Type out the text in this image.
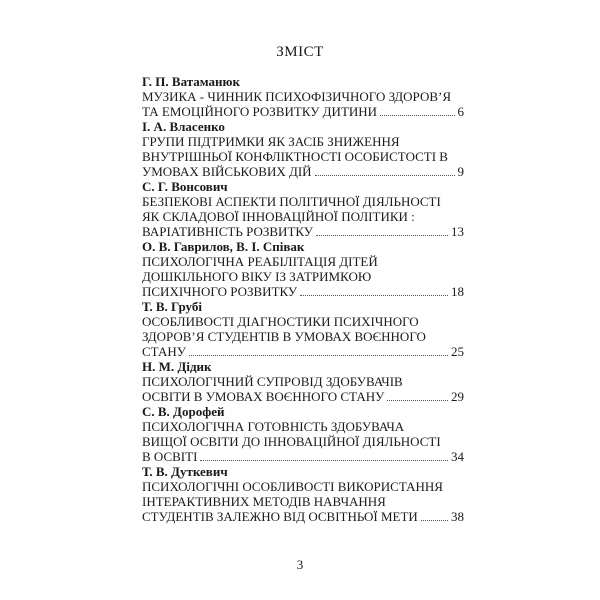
ЗМІСТ
Г. П. Ватаманюк
МУЗИКА - ЧИННИК ПСИХОФІЗИЧНОГО ЗДОРОВ’Я
ТА ЕМОЦІЙНОГО РОЗВИТКУ ДИТИНИ	6
І. А. Власенко
ГРУПИ ПІДТРИМКИ ЯК ЗАСІБ ЗНИЖЕННЯ
ВНУТРІШНЬОЇ КОНФЛІКТНОСТІ ОСОБИСТОСТІ В
УМОВАХ ВІЙСЬКОВИХ ДІЙ	9
С. Г. Вонсович
БЕЗПЕКОВІ АСПЕКТИ ПОЛІТИЧНОЇ ДІЯЛЬНОСТІ
ЯК СКЛАДОВОЇ ІННОВАЦІЙНОЇ ПОЛІТИКИ :
ВАРІАТИВНІСТЬ РОЗВИТКУ	13
О. В. Гаврилов, В. І. Співак
ПСИХОЛОГІЧНА РЕАБІЛІТАЦІЯ ДІТЕЙ
ДОШКІЛЬНОГО ВІКУ ІЗ ЗАТРИМКОЮ
ПСИХІЧНОГО РОЗВИТКУ	18
Т. В. Грубі
ОСОБЛИВОСТІ ДІАГНОСТИКИ ПСИХІЧНОГО
ЗДОРОВ’Я СТУДЕНТІВ В УМОВАХ ВОЄННОГО
СТАНУ	25
Н. М. Дідик
ПСИХОЛОГІЧНИЙ СУПРОВІД ЗДОБУВАЧІВ
ОСВІТИ В УМОВАХ ВОЄННОГО СТАНУ	29
С. В. Дорофей
ПСИХОЛОГІЧНА ГОТОВНІСТЬ ЗДОБУВАЧА
ВИЩОЇ ОСВІТИ ДО ІННОВАЦІЙНОЇ ДІЯЛЬНОСТІ
В ОСВІТІ	34
Т. В. Дуткевич
ПСИХОЛОГІЧНІ ОСОБЛИВОСТІ ВИКОРИСТАННЯ
ІНТЕРАКТИВНИХ МЕТОДІВ НАВЧАННЯ
СТУДЕНТІВ ЗАЛЕЖНО ВІД ОСВІТНЬОЇ МЕТИ	38
3
